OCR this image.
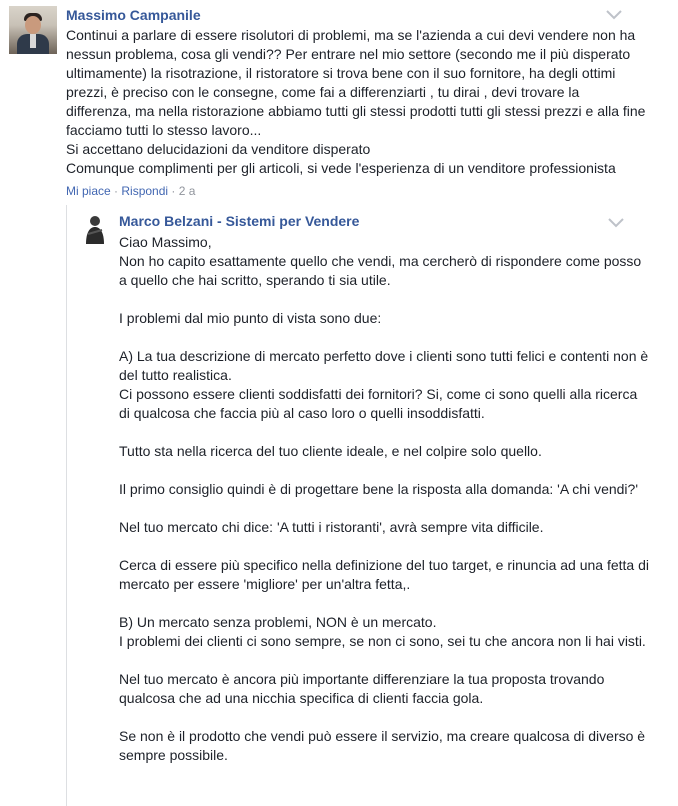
Massimo Campanile

Continui a parlare di essere risolutori di problemi, ma se l'azienda a cui devi vendere non ha nessun problema, cosa gli vendi?? Per entrare nel mio settore (secondo me il più disperato ultimamente) la risotrazione, il ristoratore si trova bene con il suo fornitore, ha degli ottimi prezzi, è preciso con le consegne, come fai a differenziarti , tu dirai , devi trovare la differenza, ma nella ristorazione abbiamo tutti gli stessi prodotti tutti gli stessi prezzi e alla fine facciamo tutti lo stesso lavoro...

Si accettano delucidazioni da venditore disperato

Comunque complimenti per gli articoli, si vede l'esperienza di un venditore professionista

Mi piace · Rispondi · 2 a
Marco Belzani - Sistemi per Vendere
Ciao Massimo,
Non ho capito esattamente quello che vendi, ma cercherò di rispondere come posso a quello che hai scritto, sperando ti sia utile.
I problemi dal mio punto di vista sono due:
A) La tua descrizione di mercato perfetto dove i clienti sono tutti felici e contenti non è del tutto realistica.
Ci possono essere clienti soddisfatti dei fornitori? Si, come ci sono quelli alla ricerca di qualcosa che faccia più al caso loro o quelli insoddisfatti.
Tutto sta nella ricerca del tuo cliente ideale, e nel colpire solo quello.
Il primo consiglio quindi è di progettare bene la risposta alla domanda: 'A chi vendi?'
Nel tuo mercato chi dice: 'A tutti i ristoranti', avrà sempre vita difficile.
Cerca di essere più specifico nella definizione del tuo target, e rinuncia ad una fetta di mercato per essere 'migliore' per un'altra fetta,.
B) Un mercato senza problemi, NON è un mercato.
I problemi dei clienti ci sono sempre, se non ci sono, sei tu che ancora non li hai visti.
Nel tuo mercato è ancora più importante differenziare la tua proposta trovando qualcosa che ad una nicchia specifica di clienti faccia gola.
Se non è il prodotto che vendi può essere il servizio, ma creare qualcosa di diverso è sempre possibile.
